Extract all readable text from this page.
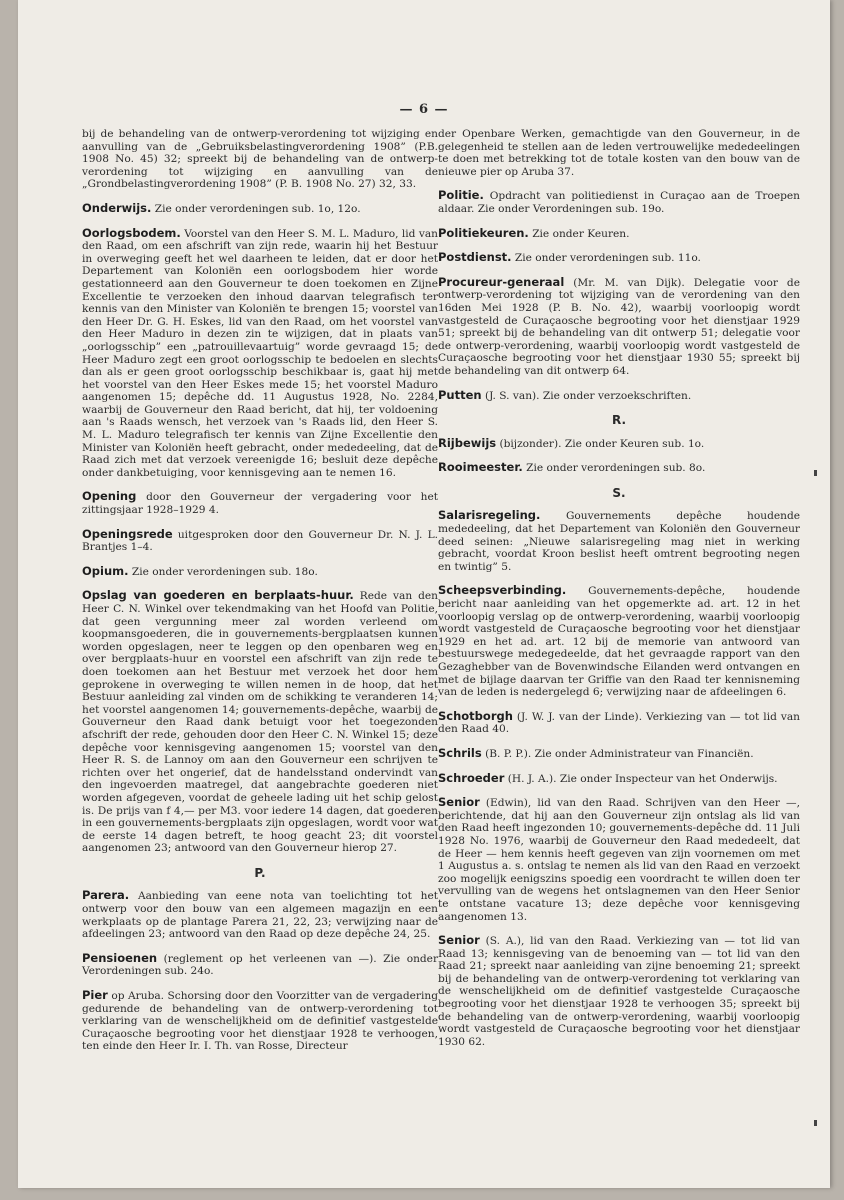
— 6 —

bij de behandeling van de ontwerp-verordening tot wijziging en aanvulling van de „Gebruiksbelastingverordening 1908” (P.B. 1908 No. 45) 32; spreekt bij de behandeling van de ontwerp-verordening tot wijziging en aanvulling van de „Grondbelastingverordening 1908” (P. B. 1908 No. 27) 32, 33.

Onderwijs. Zie onder verordeningen sub. 1o, 12o.

Oorlogsbodem. Voorstel van den Heer S. M. L. Maduro, lid van den Raad, om een afschrift van zijn rede, waarin hij het Bestuur in overweging geeft het wel daarheen te leiden, dat er door het Departement van Koloniën een oorlogsbodem hier worde gestationneerd aan den Gouverneur te doen toekomen en Zijne Excellentie te verzoeken den inhoud daarvan telegrafisch ter kennis van den Minister van Koloniën te brengen 15; voorstel van den Heer Dr. G. H. Eskes, lid van den Raad, om het voorstel van den Heer Maduro in dezen zin te wijzigen, dat in plaats van „oorlogsschip” een „patrouillevaartuig” worde gevraagd 15; de Heer Maduro zegt een groot oorlogsschip te bedoelen en slechts dan als er geen groot oorlogsschip beschikbaar is, gaat hij met het voorstel van den Heer Eskes mede 15; het voorstel Maduro aangenomen 15; depêche dd. 11 Augustus 1928, No. 2284, waarbij de Gouverneur den Raad bericht, dat hij, ter voldoening aan 's Raads wensch, het verzoek van 's Raads lid, den Heer S. M. L. Maduro telegrafisch ter kennis van Zijne Excellentie den Minister van Koloniën heeft gebracht, onder mededeeling, dat de Raad zich met dat verzoek vereenigde 16; besluit deze depêche onder dankbetuiging, voor kennisgeving aan te nemen 16.

Opening door den Gouverneur der vergadering voor het zittingsjaar 1928–1929 4.

Openingsrede uitgesproken door den Gouverneur Dr. N. J. L. Brantjes 1–4.

Opium. Zie onder verordeningen sub. 18o.

Opslag van goederen en berplaats-huur. Rede van den Heer C. N. Winkel over tekendmaking van het Hoofd van Politie, dat geen vergunning meer zal worden verleend om koopmansgoederen, die in gouvernements-bergplaatsen kunnen worden opgeslagen, neer te leggen op den openbaren weg en over bergplaats-huur en voorstel een afschrift van zijn rede te doen toekomen aan het Bestuur met verzoek het door hem geprokene in overweging te willen nemen in de hoop, dat het Bestuur aanleiding zal vinden om de schikking te veranderen 14; het voorstel aangenomen 14; gouvernements-depêche, waarbij de Gouverneur den Raad dank betuigt voor het toegezonden afschrift der rede, gehouden door den Heer C. N. Winkel 15; deze depêche voor kennisgeving aangenomen 15; voorstel van den Heer R. S. de Lannoy om aan den Gouverneur een schrijven te richten over het ongerief, dat de handelsstand ondervindt van den ingevoerden maatregel, dat aangebrachte goederen niet worden afgegeven, voordat de geheele lading uit het schip gelost is. De prijs van f 4,— per M3. voor iedere 14 dagen, dat goederen in een gouvernements-bergplaats zijn opgeslagen, wordt voor wat de eerste 14 dagen betreft, te hoog geacht 23; dit voorstel aangenomen 23; antwoord van den Gouverneur hierop 27.

P.

Parera. Aanbieding van eene nota van toelichting tot het ontwerp voor den bouw van een algemeen magazijn en een werkplaats op de plantage Parera 21, 22, 23; verwijzing naar de afdeelingen 23; antwoord van den Raad op deze depêche 24, 25.

Pensioenen (reglement op het verleenen van —). Zie onder Verordeningen sub. 24o.

Pier op Aruba. Schorsing door den Voorzitter van de vergadering gedurende de behandeling van de ontwerp-verordening tot verklaring van de wenschelijkheid om de definitief vastgestelde Curaçaosche begrooting voor het dienstjaar 1928 te verhoogen, ten einde den Heer Ir. I. Th. van Rosse, Directeur

der Openbare Werken, gemachtigde van den Gouverneur, in de gelegenheid te stellen aan de leden vertrouwelijke mededeelingen te doen met betrekking tot de totale kosten van den bouw van de nieuwe pier op Aruba 37.

Politie. Opdracht van politiedienst in Curaçao aan de Troepen aldaar. Zie onder Verordeningen sub. 19o.

Politiekeuren. Zie onder Keuren.

Postdienst. Zie onder verordeningen sub. 11o.

Procureur-generaal (Mr. M. van Dijk). Delegatie voor de ontwerp-verordening tot wijziging van de verordening van den 16den Mei 1928 (P. B. No. 42), waarbij voorloopig wordt vastgesteld de Curaçaosche begrooting voor het dienstjaar 1929 51; spreekt bij de behandeling van dit ontwerp 51; delegatie voor de ontwerp-verordening, waarbij voorloopig wordt vastgesteld de Curaçaosche begrooting voor het dienstjaar 1930 55; spreekt bij de behandeling van dit ontwerp 64.

Putten (J. S. van). Zie onder verzoekschriften.

R.

Rijbewijs (bijzonder). Zie onder Keuren sub. 1o.

Rooimeester. Zie onder verordeningen sub. 8o.

S.

Salarisregeling. Gouvernements depêche houdende mededeeling, dat het Departement van Koloniën den Gouverneur deed seinen: „Nieuwe salarisregeling mag niet in werking gebracht, voordat Kroon beslist heeft omtrent begrooting negen en twintig” 5.

Scheepsverbinding. Gouvernements-depêche, houdende bericht naar aanleiding van het opgemerkte ad. art. 12 in het voorloopig verslag op de ontwerp-verordening, waarbij voorloopig wordt vastgesteld de Curaçaosche begrooting voor het dienstjaar 1929 en het ad. art. 12 bij de memorie van antwoord van bestuurswege medegedeelde, dat het gevraagde rapport van den Gezaghebber van de Bovenwindsche Eilanden werd ontvangen en met de bijlage daarvan ter Griffie van den Raad ter kennisneming van de leden is nedergelegd 6; verwijzing naar de afdeelingen 6.

Schotborgh (J. W. J. van der Linde). Verkiezing van — tot lid van den Raad 40.

Schrils (B. P. P.). Zie onder Administrateur van Financiën.

Schroeder (H. J. A.). Zie onder Inspecteur van het Onderwijs.

Senior (Edwin), lid van den Raad. Schrijven van den Heer —, berichtende, dat hij aan den Gouverneur zijn ontslag als lid van den Raad heeft ingezonden 10; gouvernements-depêche dd. 11 Juli 1928 No. 1976, waarbij de Gouverneur den Raad mededeelt, dat de Heer — hem kennis heeft gegeven van zijn voornemen om met 1 Augustus a. s. ontslag te nemen als lid van den Raad en verzoekt zoo mogelijk eenigszins spoedig een voordracht te willen doen ter vervulling van de wegens het ontslagnemen van den Heer Senior te ontstane vacature 13; deze depêche voor kennisgeving aangenomen 13.

Senior (S. A.), lid van den Raad. Verkiezing van — tot lid van Raad 13; kennisgeving van de benoeming van — tot lid van den Raad 21; spreekt naar aanleiding van zijne benoeming 21; spreekt bij de behandeling van de ontwerp-verordening tot verklaring van de wenschelijkheid om de definitief vastgestelde Curaçaosche begrooting voor het dienstjaar 1928 te verhoogen 35; spreekt bij de behandeling van de ontwerp-verordening, waarbij voorloopig wordt vastgesteld de Curaçaosche begrooting voor het dienstjaar 1930 62.
